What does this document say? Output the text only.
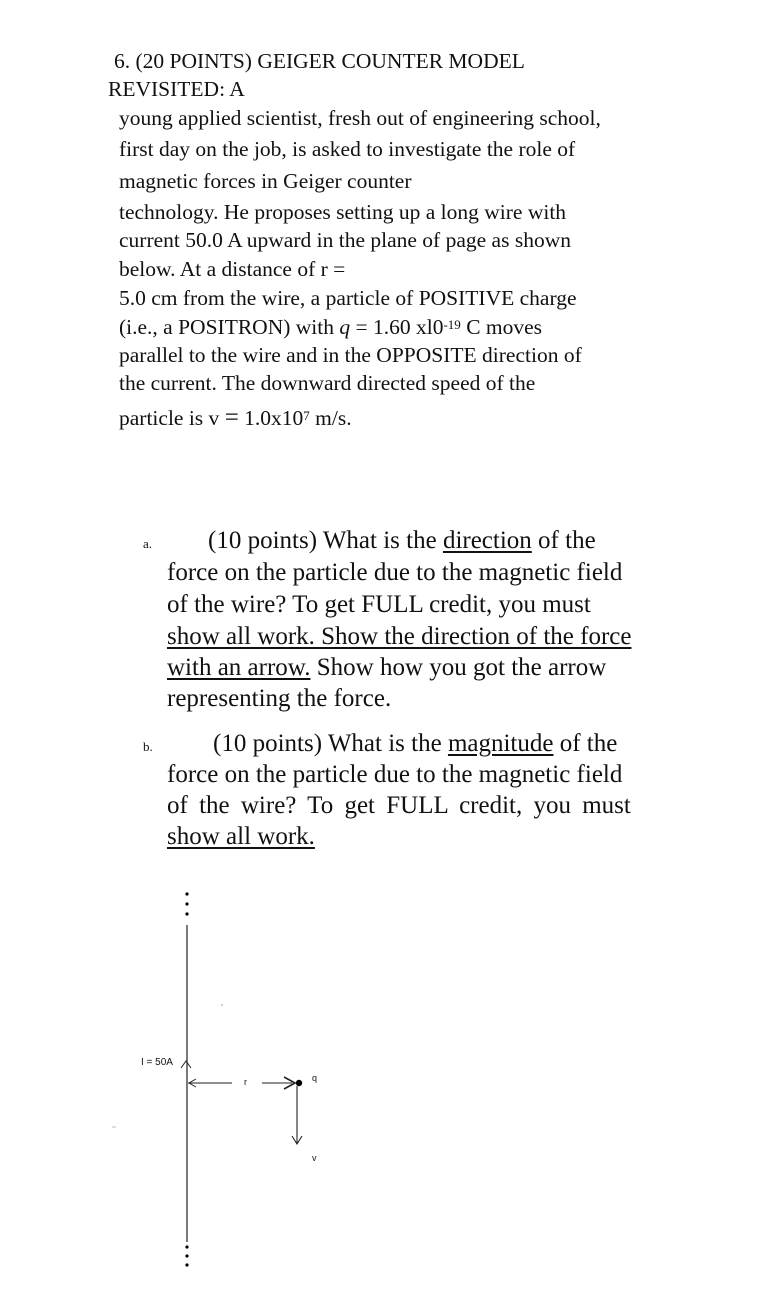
6. (20 POINTS) GEIGER COUNTER MODEL
REVISITED: A
young applied scientist, fresh out of engineering school,
first day on the job, is asked to investigate the role of
magnetic forces in Geiger counter
technology. He proposes setting up a long wire with
current 50.0 A upward in the plane of page as shown
below. At a distance of r =
5.0 cm from the wire, a particle of POSITIVE charge
(i.e., a POSITRON) with q = 1.60 $xl0^{-19}$ C moves
parallel to the wire and in the OPPOSITE direction of
the current. The downward directed speed of the
particle is $v = 1.0x10^7$ m/s.
a. (10 points) What is the direction of the
force on the particle due to the magnetic field
of the wire? To get FULL credit, you must
show all work. Show the direction of the force
with an arrow. Show how you got the arrow
representing the force.
b. (10 points) What is the magnitude of the
force on the particle due to the magnetic field
of the wire? To get FULL credit, you must
show all work.
I = 50A
r	q
v
